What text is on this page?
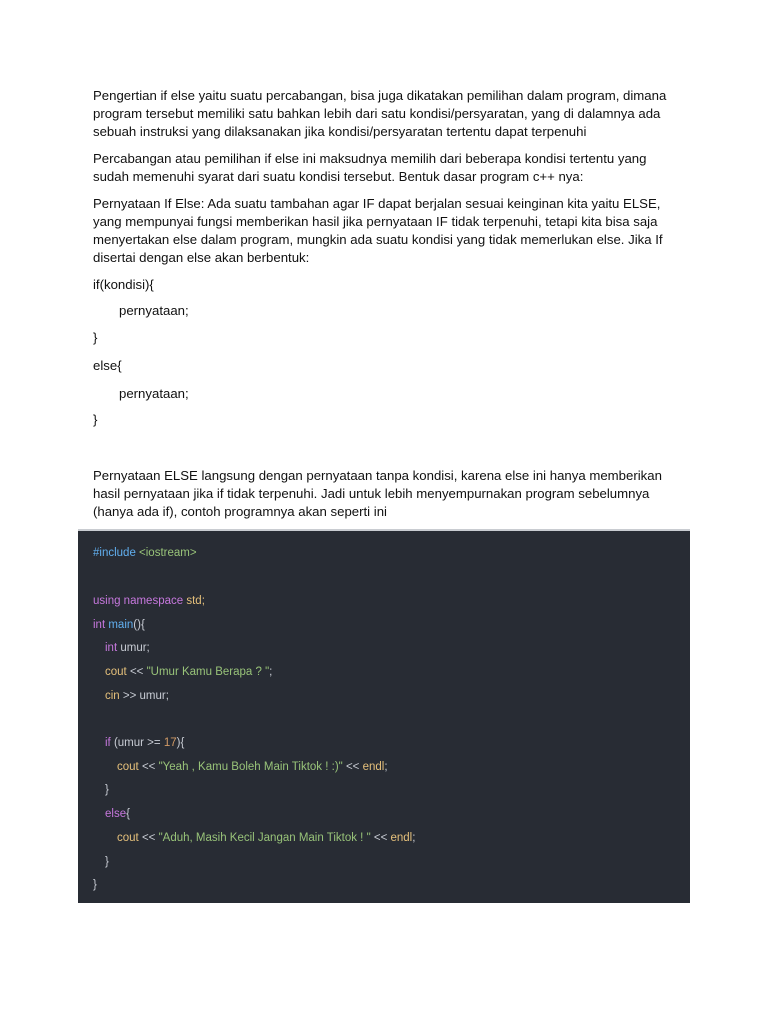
Pengertian if else yaitu suatu percabangan, bisa juga dikatakan pemilihan dalam program, dimana program tersebut memiliki satu bahkan lebih dari satu kondisi/persyaratan, yang di dalamnya ada sebuah instruksi yang dilaksanakan jika kondisi/persyaratan tertentu dapat terpenuhi

Percabangan atau pemilihan if else ini maksudnya memilih dari beberapa kondisi tertentu yang sudah memenuhi syarat dari suatu kondisi tersebut. Bentuk dasar program c++ nya:

Pernyataan If Else: Ada suatu tambahan agar IF dapat berjalan sesuai keinginan kita yaitu ELSE, yang mempunyai fungsi memberikan hasil jika pernyataan IF tidak terpenuhi, tetapi kita bisa saja menyertakan else dalam program, mungkin ada suatu kondisi yang tidak memerlukan else. Jika If disertai dengan else akan berbentuk:

if(kondisi){

pernyataan;

}

else{

pernyataan;

}

Pernyataan ELSE langsung dengan pernyataan tanpa kondisi, karena else ini hanya memberikan hasil pernyataan jika if tidak terpenuhi. Jadi untuk lebih menyempurnakan program sebelumnya (hanya ada if), contoh programnya akan seperti ini

#include <iostream>
using namespace std;
int main(){
int umur;
cout << "Umur Kamu Berapa ? ";
cin >> umur;
if (umur >= 17){
cout << "Yeah , Kamu Boleh Main Tiktok ! :)" << endl;
}
else{
cout << "Aduh, Masih Kecil Jangan Main Tiktok ! " << endl;
}
}
